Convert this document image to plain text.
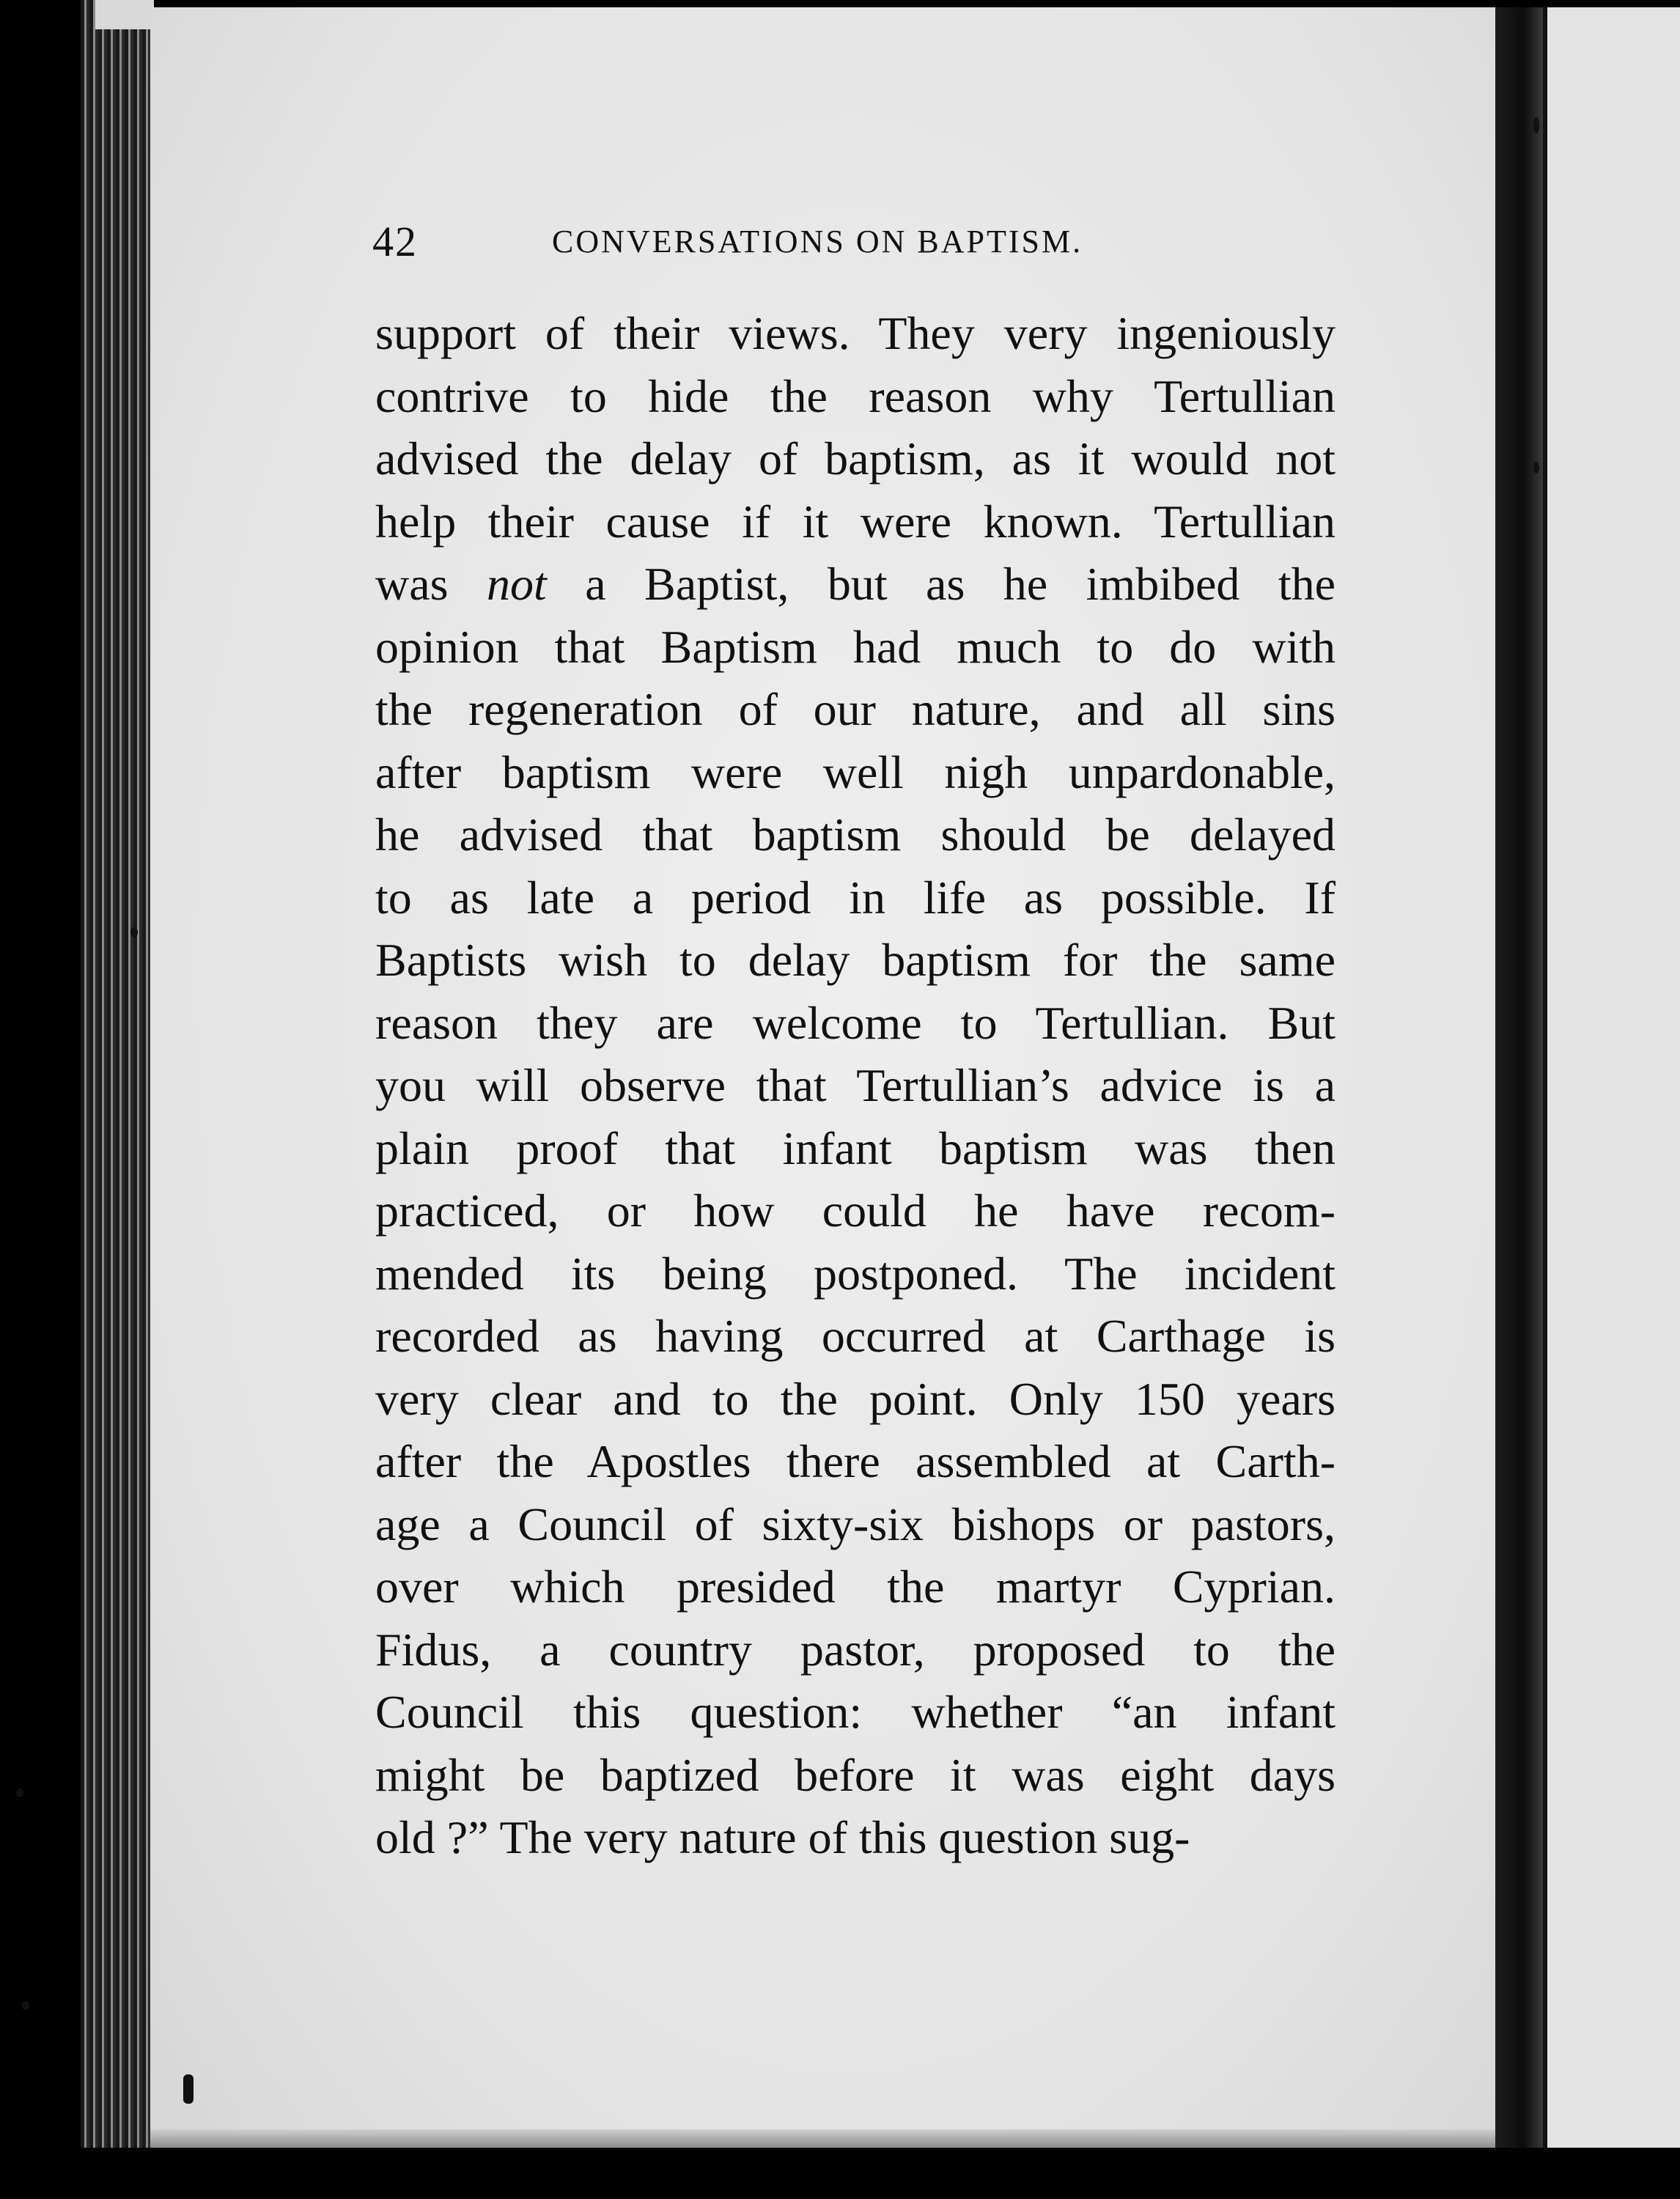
42	CONVERSATIONS ON BAPTISM.
support of their views. They very ingeniously
contrive to hide the reason why Tertullian
advised the delay of baptism, as it would not
help their cause if it were known. Tertullian
was not a Baptist, but as he imbibed the
opinion that Baptism had much to do with
the regeneration of our nature, and all sins
after baptism were well nigh unpardonable,
he advised that baptism should be delayed
to as late a period in life as possible. If
Baptists wish to delay baptism for the same
reason they are welcome to Tertullian. But
you will observe that Tertullian’s advice is a
plain proof that infant baptism was then
practiced, or how could he have recom-
mended its being postponed. The incident
recorded as having occurred at Carthage is
very clear and to the point. Only 150 years
after the Apostles there assembled at Carth-
age a Council of sixty-six bishops or pastors,
over which presided the martyr Cyprian.
Fidus, a country pastor, proposed to the
Council this question: whether “an infant
might be baptized before it was eight days
old ?” The very nature of this question sug-
